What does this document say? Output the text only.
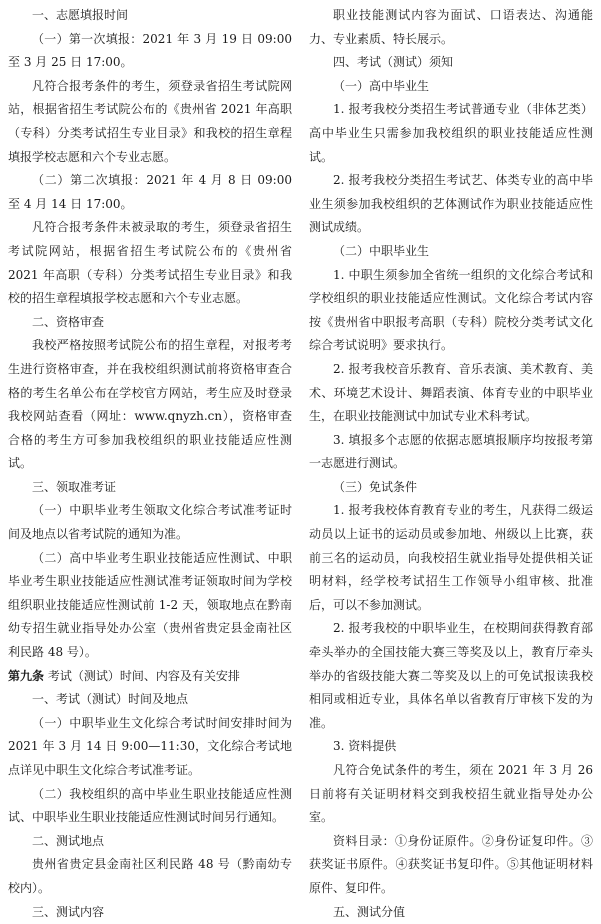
一、志愿填报时间

（一）第一次填报：2021 年 3 月 19 日 09:00 至 3 月 25 日 17:00。

凡符合报考条件的考生，须登录省招生考试院网站，根据省招生考试院公布的《贵州省 2021 年高职（专科）分类考试招生专业目录》和我校的招生章程填报学校志愿和六个专业志愿。

（二）第二次填报：2021 年 4 月 8 日 09:00 至 4 月 14 日 17:00。

凡符合报考条件未被录取的考生，须登录省招生考试院网站，根据省招生考试院公布的《贵州省 2021 年高职（专科）分类考试招生专业目录》和我校的招生章程填报学校志愿和六个专业志愿。

二、资格审查

我校严格按照考试院公布的招生章程，对报考考生进行资格审查，并在我校组织测试前将资格审查合格的考生名单公布在学校官方网站，考生应及时登录我校网站查看（网址：www.qnyzh.cn），资格审查合格的考生方可参加我校组织的职业技能适应性测试。

三、领取准考证

（一）中职毕业考生领取文化综合考试准考证时间及地点以省考试院的通知为准。

（二）高中毕业考生职业技能适应性测试、中职毕业考生职业技能适应性测试准考证领取时间为学校组织职业技能适应性测试前 1-2 天，领取地点在黔南幼专招生就业指导处办公室（贵州省贵定县金南社区利民路 48 号）。

第九条 考试（测试）时间、内容及有关安排

一、考试（测试）时间及地点

（一）中职毕业生文化综合考试时间安排时间为 2021 年 3 月 14 日 9:00—11:30，文化综合考试地点详见中职生文化综合考试准考证。

（二）我校组织的高中毕业生职业技能适应性测试、中职毕业生职业技能适应性测试时间另行通知。

二、测试地点

贵州省贵定县金南社区利民路 48 号（黔南幼专校内）。

三、测试内容

职业技能测试内容为面试、口语表达、沟通能力、专业素质、特长展示。

四、考试（测试）须知

（一）高中毕业生

1. 报考我校分类招生考试普通专业（非体艺类）高中毕业生只需参加我校组织的职业技能适应性测试。

2. 报考我校分类招生考试艺、体类专业的高中毕业生须参加我校组织的艺体测试作为职业技能适应性测试成绩。

（二）中职毕业生

1. 中职生须参加全省统一组织的文化综合考试和学校组织的职业技能适应性测试。文化综合考试内容按《贵州省中职报考高职（专科）院校分类考试文化综合考试说明》要求执行。

2. 报考我校音乐教育、音乐表演、美术教育、美术、环境艺术设计、舞蹈表演、体育专业的中职毕业生，在职业技能测试中加试专业术科考试。

3. 填报多个志愿的依据志愿填报顺序均按报考第一志愿进行测试。

（三）免试条件

1. 报考我校体育教育专业的考生，凡获得二级运动员以上证书的运动员或参加地、州级以上比赛，获前三名的运动员，向我校招生就业指导处提供相关证明材料，经学校考试招生工作领导小组审核、批准后，可以不参加测试。

2. 报考我校的中职毕业生，在校期间获得教育部牵头举办的全国技能大赛三等奖及以上，教育厅牵头举办的省级技能大赛二等奖及以上的可免试报读我校相同或相近专业，具体名单以省教育厅审核下发的为准。

3. 资料提供

凡符合免试条件的考生，须在 2021 年 3 月 26 日前将有关证明材料交到我校招生就业指导处办公室。

资料目录：①身份证原件。②身份证复印件。③获奖证书原件。④获奖证书复印件。⑤其他证明材料原件、复印件。

五、测试分值
